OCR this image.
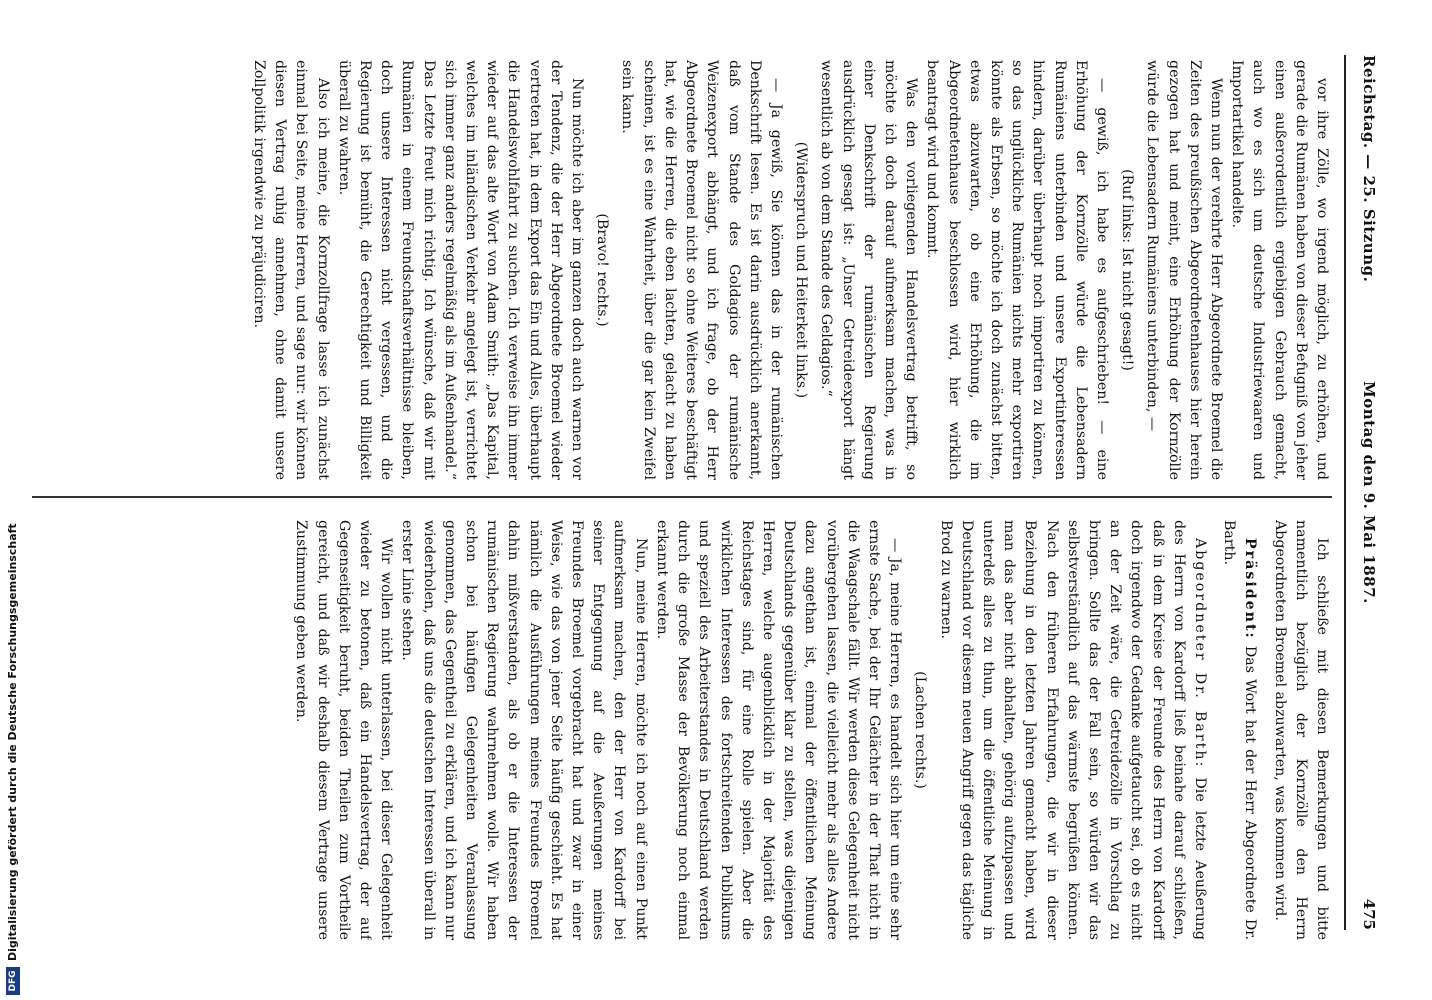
Reichstag. — 25. Sitzung.
Montag den 9. Mai 1887.
475

vor ihre Zölle, wo irgend möglich, zu erhöhen, und gerade die Rumänen haben von dieser Befugniß von jeher einen außerordentlich ergiebigen Gebrauch gemacht, auch wo es sich um deutsche Industriewaaren und Importartikel handelte.

Wenn nun der verehrte Herr Abgeordnete Broemel die Zeiten des preußischen Abgeordnetenhauses hier herein gezogen hat und meint, eine Erhöhung der Kornzölle würde die Lebensadern Rumäniens unterbinden, —

(Ruf links: Ist nicht gesagt!)

— gewiß, ich habe es aufgeschrieben! — eine Erhöhung der Kornzölle würde die Lebensadern Rumäniens unterbinden und unsere Exportinteressen hindern, darüber überhaupt noch importiren zu können, so das unglückliche Rumänien nichts mehr exportiren könnte als Erbsen, so möchte ich doch zunächst bitten, etwas abzuwarten, ob eine Erhöhung, die im Abgeordnetenhause beschlossen wird, hier wirklich beantragt wird und kommt.

Was den vorliegenden Handelsvertrag betrifft, so möchte ich doch darauf aufmerksam machen, was in einer Denkschrift der rumänischen Regierung ausdrücklich gesagt ist: „Unser Getreideexport hängt wesentlich ab von dem Stande des Geldagios.“

(Widerspruch und Heiterkeit links.)

— Ja gewiß, Sie können das in der rumänischen Denkschrift lesen. Es ist darin ausdrücklich anerkannt, daß vom Stande des Goldagios der rumänische Weizenexport abhängt, und ich frage, ob der Herr Abgeordnete Broemel nicht so ohne Weiteres beschäftigt hat, wie die Herren, die eben lachten, gelacht zu haben scheinen, ist es eine Wahrheit, über die gar kein Zweifel sein kann.

(Bravo! rechts.)

Nun möchte ich aber im ganzen doch auch warnen vor der Tendenz, die der Herr Abgeordnete Broemel wieder vertreten hat, in dem Export das Ein und Alles, überhaupt die Handelswohlfahrt zu suchen. Ich verweise ihn immer wieder auf das alte Wort von Adam Smith: „Das Kapital, welches im inländischen Verkehr angelegt ist, verrichtet sich immer ganz anders regelmäßig als im Außenhandel.“ Das Letzte freut mich richtig. Ich wünsche, daß wir mit Rumänien in einem Freundschaftsverhältnisse bleiben, doch unsere Interessen nicht vergessen, und die Regierung ist bemüht, die Gerechtigkeit und Billigkeit überall zu wahren.

Also ich meine, die Kornzollfrage lasse ich zunächst einmal bei Seite, meine Herren, und sage nur: wir können diesen Vertrag ruhig annehmen, ohne damit unsere Zollpolitik irgendwie zu präjudiciren.

Ich schließe mit diesen Bemerkungen und bitte namentlich bezüglich der Kornzölle den Herrn Abgeordneten Broemel abzuwarten, was kommen wird.

Präsident: Das Wort hat der Herr Abgeordnete Dr. Barth.

Abgeordneter Dr. Barth: Die letzte Aeußerung des Herrn von Kardorff ließ beinahe darauf schließen, daß in dem Kreise der Freunde des Herrn von Kardorff doch irgendwo der Gedanke aufgetaucht sei, ob es nicht an der Zeit wäre, die Getreidezölle in Vorschlag zu bringen. Sollte das der Fall sein, so würden wir das selbstverständlich auf das wärmste begrüßen können. Nach den früheren Erfahrungen, die wir in dieser Beziehung in den letzten Jahren gemacht haben, wird man das aber nicht abhalten, gehörig aufzupassen und unterdeß alles zu thun, um die öffentliche Meinung in Deutschland vor diesem neuen Angriff gegen das tägliche Brod zu warnen.

(Lachen rechts.)

— Ja, meine Herren, es handelt sich hier um eine sehr ernste Sache, bei der Ihr Gelächter in der That nicht in die Waagschale fällt. Wir werden diese Gelegenheit nicht vorübergehen lassen, die vielleicht mehr als alles Andere dazu angethan ist, einmal der öffentlichen Meinung Deutschlands gegenüber klar zu stellen, was diejenigen Herren, welche augenblicklich in der Majorität des Reichstages sind, für eine Rolle spielen. Aber die wirklichen Interessen des fortschreitenden Publikums und speziell des Arbeiterstandes in Deutschland werden durch die große Masse der Bevölkerung noch einmal erkannt werden.

Nun, meine Herren, möchte ich noch auf einen Punkt aufmerksam machen, den der Herr von Kardorff bei seiner Entgegnung auf die Aeußerungen meines Freundes Broemel vorgebracht hat und zwar in einer Weise, wie das von jener Seite häufig geschieht. Es hat nämlich die Ausführungen meines Freundes Broemel dahin mißverstanden, als ob er die Interessen der rumänischen Regierung wahrnehmen wolle. Wir haben schon bei häufigen Gelegenheiten Veranlassung genommen, das Gegentheil zu erklären, und ich kann nur wiederholen, daß uns die deutschen Interessen überall in erster Linie stehen.

Wir wollen nicht unterlassen, bei dieser Gelegenheit wieder zu betonen, daß ein Handelsvertrag, der auf Gegenseitigkeit beruht, beiden Theilen zum Vortheile gereicht, und daß wir deshalb diesem Vertrage unsere Zustimmung geben werden.

DFGDigitalisierung gefördert durch die Deutsche Forschungsgemeinschaft
